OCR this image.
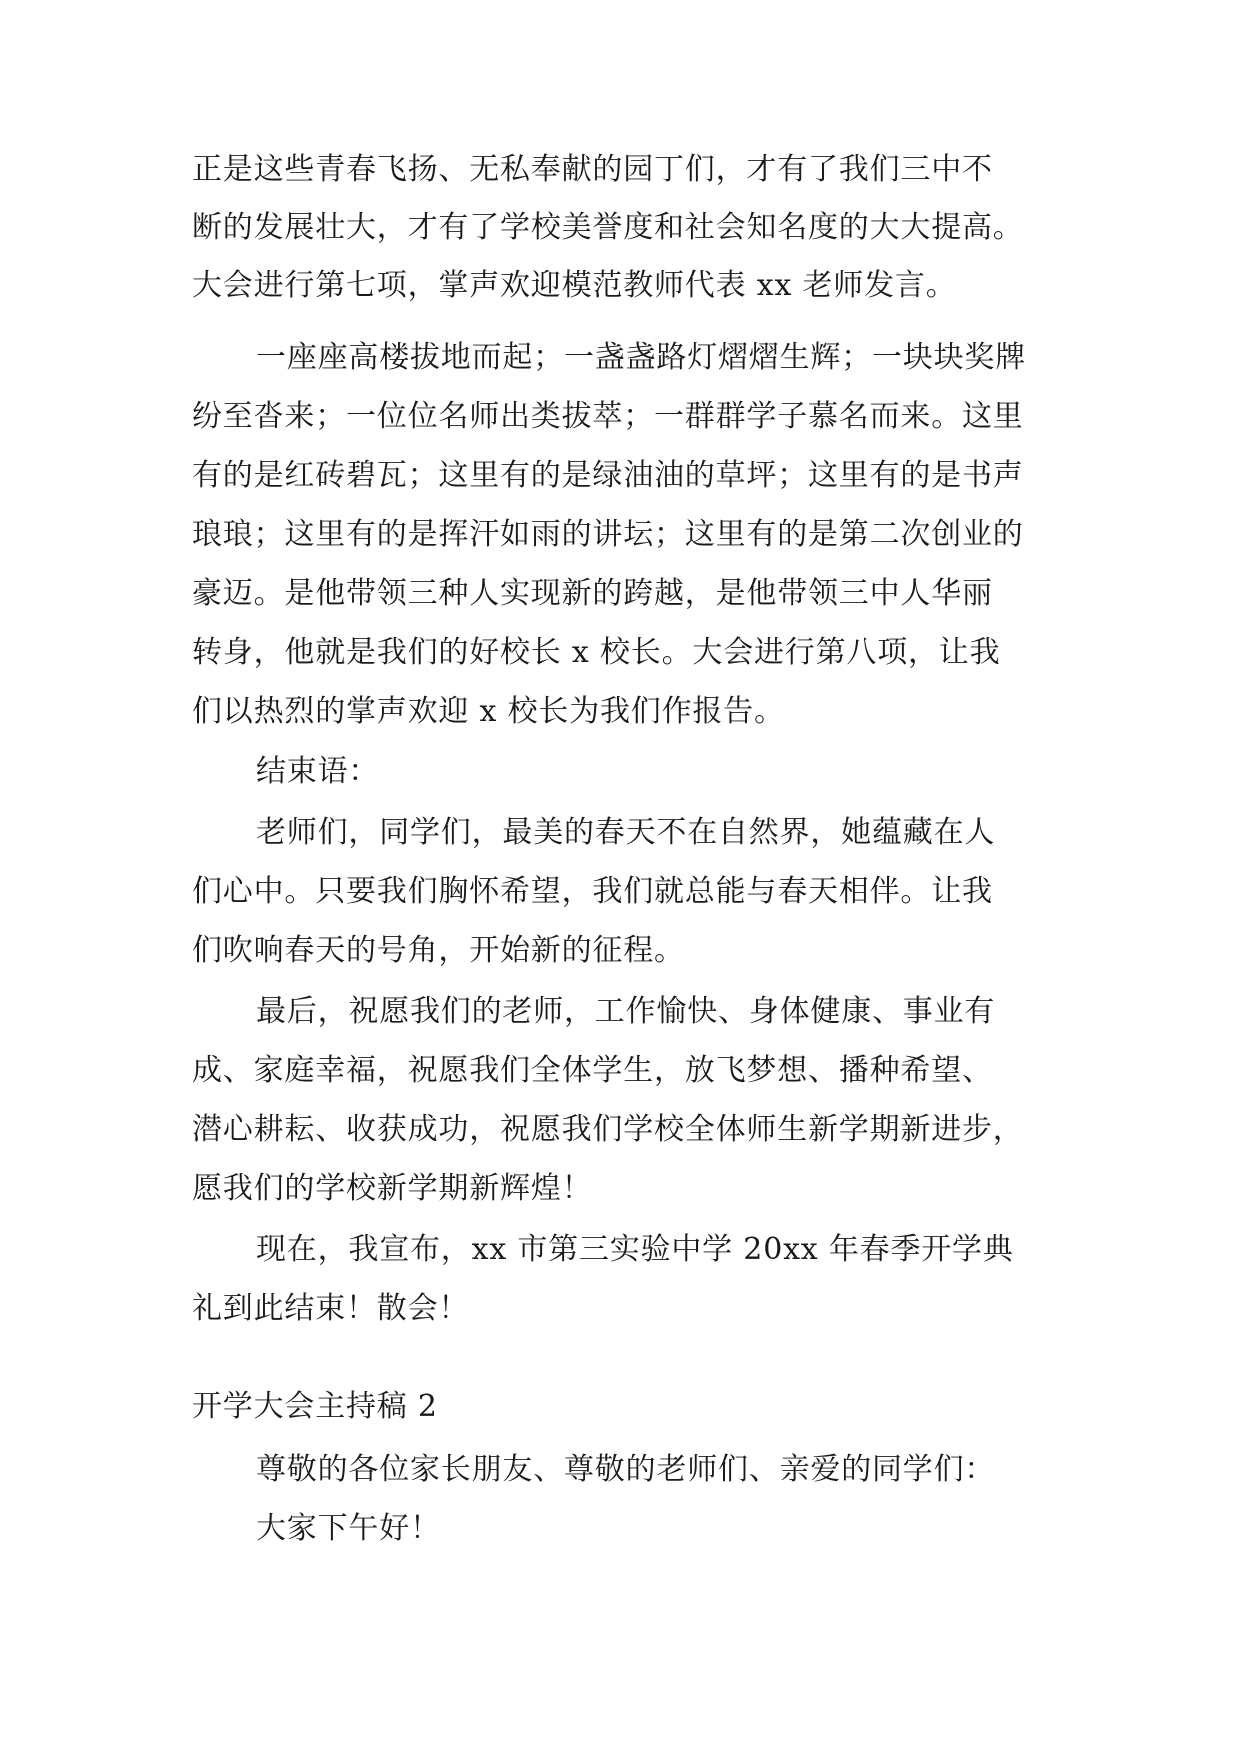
正是这些青春飞扬、无私奉献的园丁们，才有了我们三中不
断的发展壮大，才有了学校美誉度和社会知名度的大大提高。
大会进行第七项，掌声欢迎模范教师代表 xx 老师发言。
一座座高楼拔地而起；一盏盏路灯熠熠生辉；一块块奖牌
纷至沓来；一位位名师出类拔萃；一群群学子慕名而来。这里
有的是红砖碧瓦；这里有的是绿油油的草坪；这里有的是书声
琅琅；这里有的是挥汗如雨的讲坛；这里有的是第二次创业的
豪迈。是他带领三种人实现新的跨越，是他带领三中人华丽
转身，他就是我们的好校长 x 校长。大会进行第八项，让我
们以热烈的掌声欢迎 x 校长为我们作报告。
结束语：
老师们，同学们，最美的春天不在自然界，她蕴藏在人
们心中。只要我们胸怀希望，我们就总能与春天相伴。让我
们吹响春天的号角，开始新的征程。
最后，祝愿我们的老师，工作愉快、身体健康、事业有
成、家庭幸福，祝愿我们全体学生，放飞梦想、播种希望、
潜心耕耘、收获成功，祝愿我们学校全体师生新学期新进步，
愿我们的学校新学期新辉煌！
现在，我宣布，xx 市第三实验中学 20xx 年春季开学典
礼到此结束！散会！
开学大会主持稿 2
尊敬的各位家长朋友、尊敬的老师们、亲爱的同学们：
大家下午好！
